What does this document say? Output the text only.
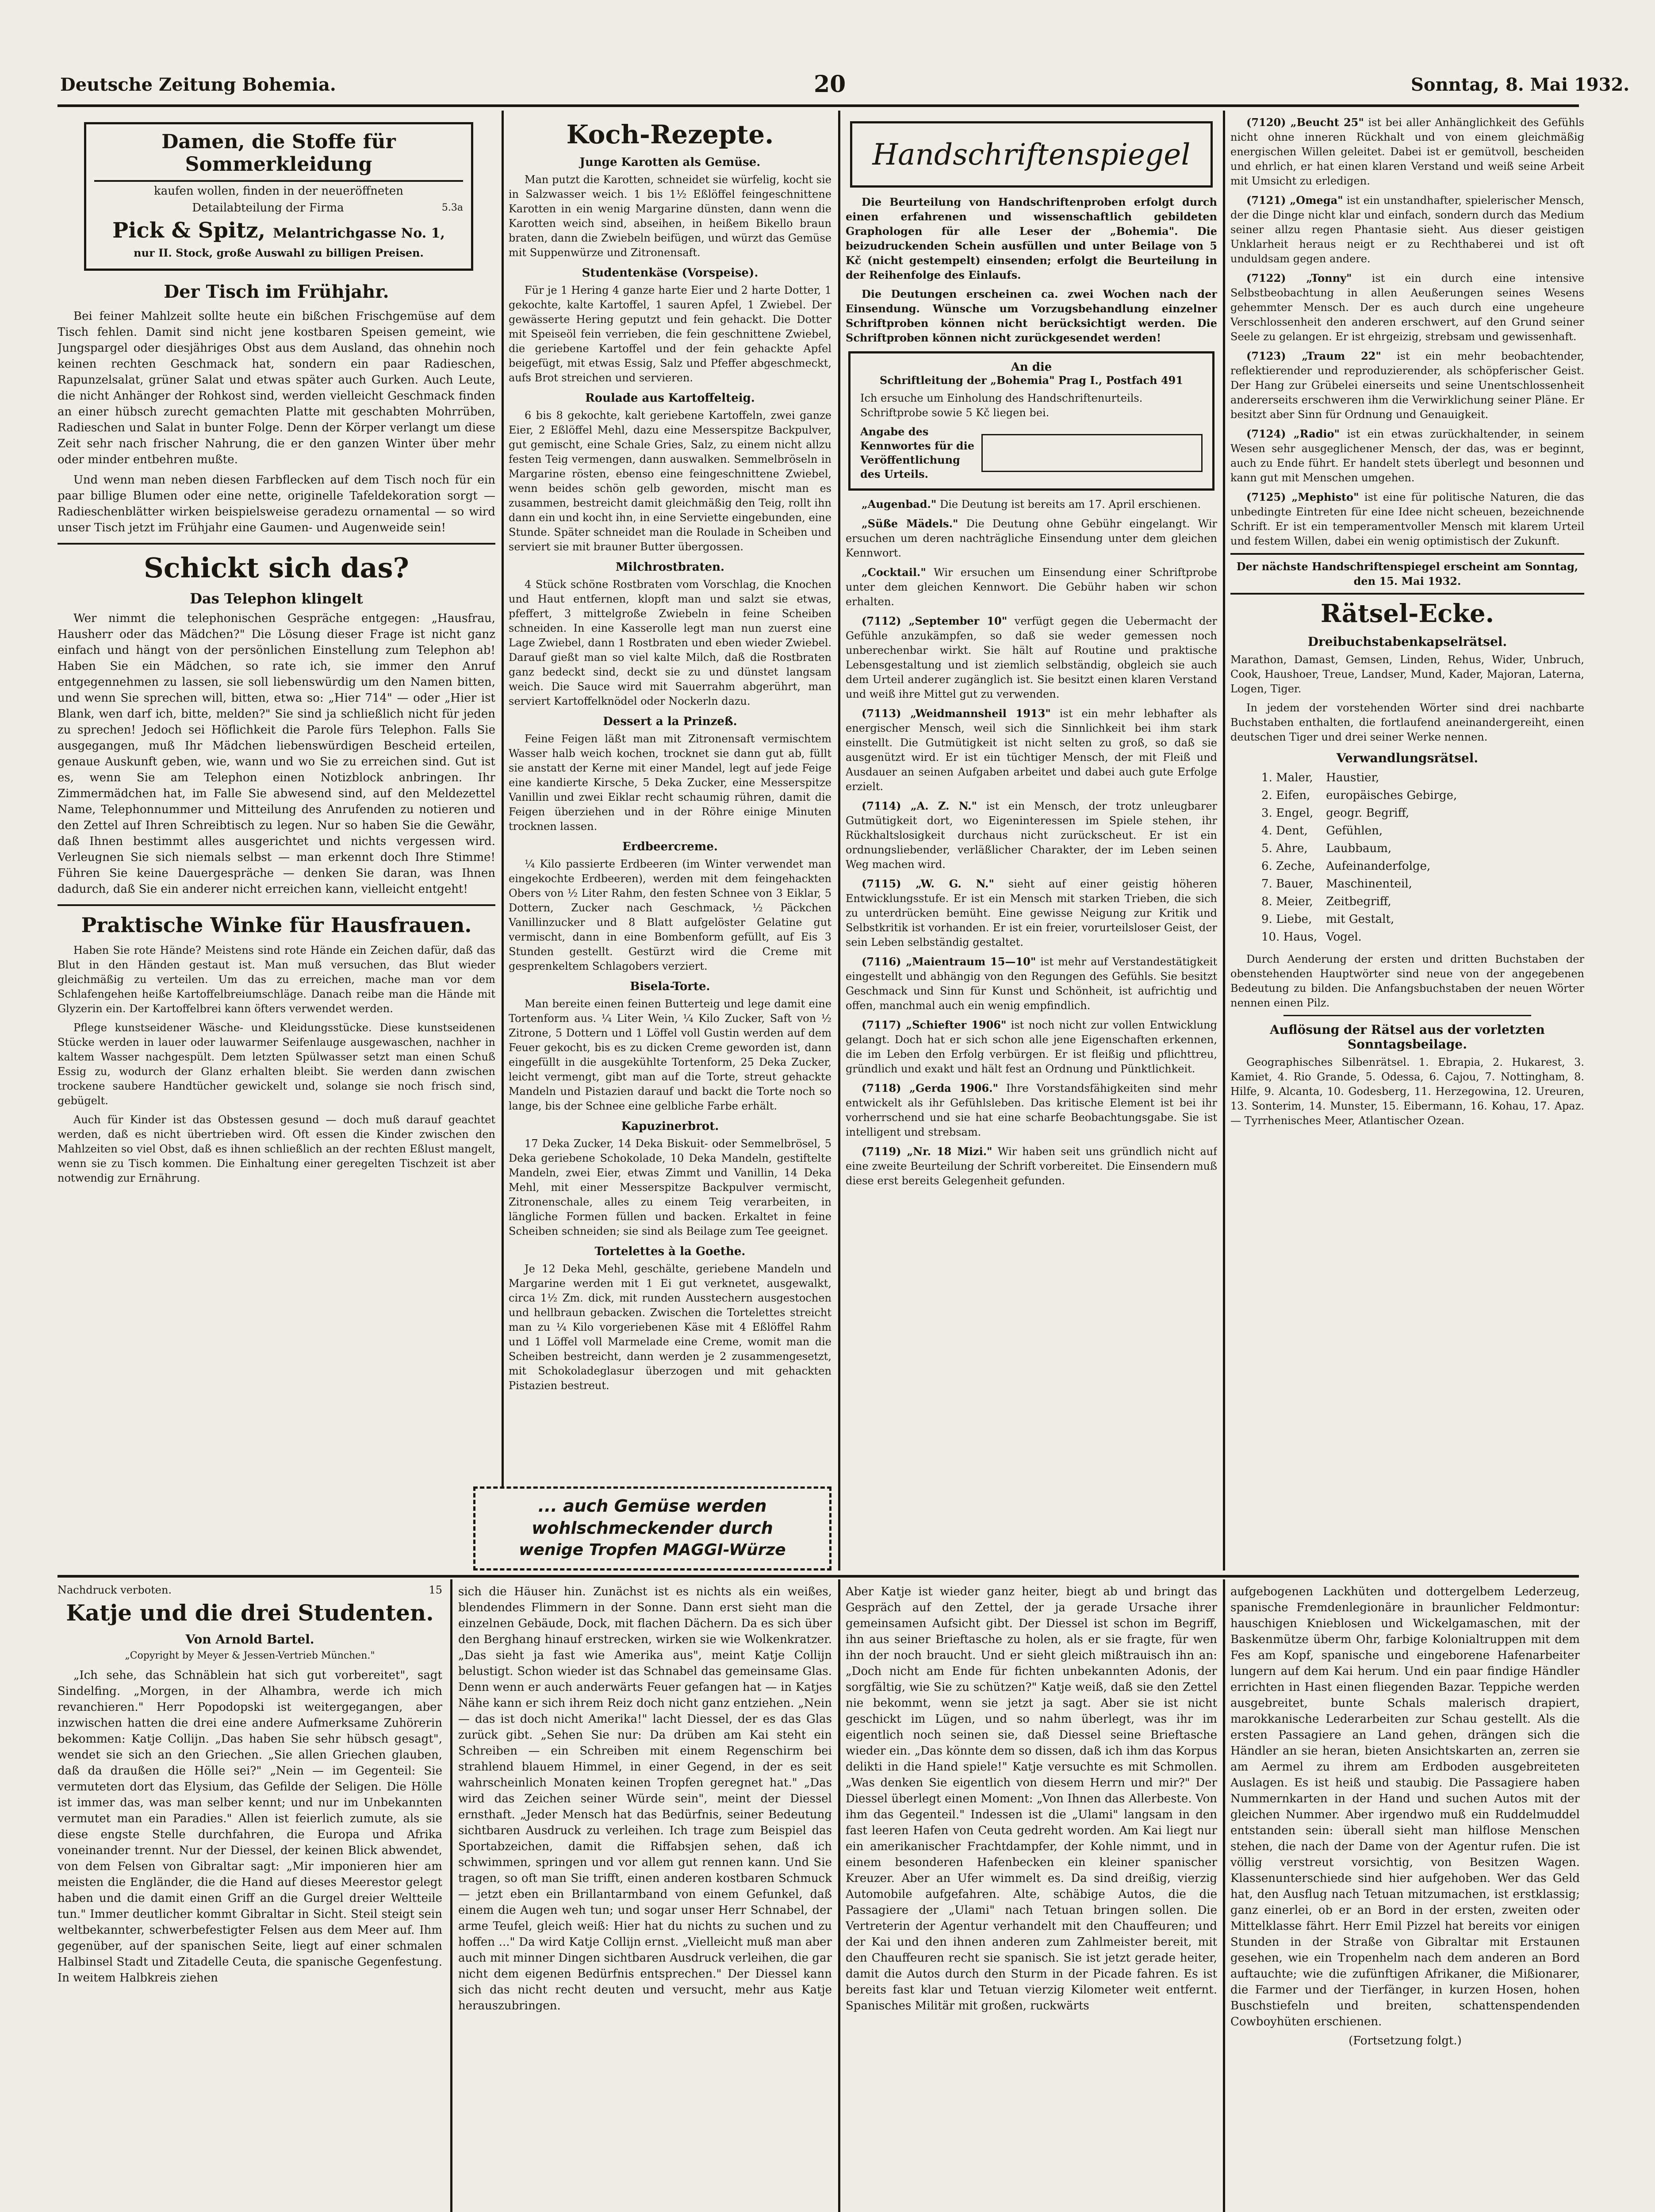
Deutsche Zeitung Bohemia.	20	Sonntag, 8. Mai 1932.
Damen, die Stoffe für Sommerkleidung
kaufen wollen, finden in der neueröffneten
Detailabteilung der Firma	5.3a
Pick & Spitz, Melantrichgasse No. 1,
nur II. Stock, große Auswahl zu billigen Preisen.
Der Tisch im Frühjahr.

Bei feiner Mahlzeit sollte heute ein bißchen Frischgemüse auf dem Tisch fehlen. Damit sind nicht jene kostbaren Speisen gemeint, wie Jungspargel oder diesjähriges Obst aus dem Ausland, das ohnehin noch keinen rechten Geschmack hat, sondern ein paar Radieschen, Rapunzelsalat, grüner Salat und etwas später auch Gurken. Auch Leute, die nicht Anhänger der Rohkost sind, werden vielleicht Geschmack finden an einer hübsch zurecht gemachten Platte mit geschabten Mohrrüben, Radieschen und Salat in bunter Folge. Denn der Körper verlangt um diese Zeit sehr nach frischer Nahrung, die er den ganzen Winter über mehr oder minder entbehren mußte.

Und wenn man neben diesen Farbflecken auf dem Tisch noch für ein paar billige Blumen oder eine nette, originelle Tafeldekoration sorgt — Radieschenblätter wirken beispielsweise geradezu ornamental — so wird unser Tisch jetzt im Frühjahr eine Gaumen- und Augenweide sein!

Schickt sich das?
Das Telephon klingelt

Wer nimmt die telephonischen Gespräche entgegen: „Hausfrau, Hausherr oder das Mädchen?" Die Lösung dieser Frage ist nicht ganz einfach und hängt von der persönlichen Einstellung zum Telephon ab! Haben Sie ein Mädchen, so rate ich, sie immer den Anruf entgegennehmen zu lassen, sie soll liebenswürdig um den Namen bitten, und wenn Sie sprechen will, bitten, etwa so: „Hier 714" — oder „Hier ist Blank, wen darf ich, bitte, melden?" Sie sind ja schließlich nicht für jeden zu sprechen! Jedoch sei Höflichkeit die Parole fürs Telephon. Falls Sie ausgegangen, muß Ihr Mädchen liebenswürdigen Bescheid erteilen, genaue Auskunft geben, wie, wann und wo Sie zu erreichen sind. Gut ist es, wenn Sie am Telephon einen Notizblock anbringen. Ihr Zimmermädchen hat, im Falle Sie abwesend sind, auf den Meldezettel Name, Telephonnummer und Mitteilung des Anrufenden zu notieren und den Zettel auf Ihren Schreibtisch zu legen. Nur so haben Sie die Gewähr, daß Ihnen bestimmt alles ausgerichtet und nichts vergessen wird. Verleugnen Sie sich niemals selbst — man erkennt doch Ihre Stimme! Führen Sie keine Dauergespräche — denken Sie daran, was Ihnen dadurch, daß Sie ein anderer nicht erreichen kann, vielleicht entgeht!

Praktische Winke für Hausfrauen.

Haben Sie rote Hände? Meistens sind rote Hände ein Zeichen dafür, daß das Blut in den Händen gestaut ist. Man muß versuchen, das Blut wieder gleichmäßig zu verteilen. Um das zu erreichen, mache man vor dem Schlafengehen heiße Kartoffelbreiumschläge. Danach reibe man die Hände mit Glyzerin ein. Der Kartoffelbrei kann öfters verwendet werden.

Pflege kunstseidener Wäsche- und Kleidungsstücke. Diese kunstseidenen Stücke werden in lauer oder lauwarmer Seifenlauge ausgewaschen, nachher in kaltem Wasser nachgespült. Dem letzten Spülwasser setzt man einen Schuß Essig zu, wodurch der Glanz erhalten bleibt. Sie werden dann zwischen trockene saubere Handtücher gewickelt und, solange sie noch frisch sind, gebügelt.

Auch für Kinder ist das Obstessen gesund — doch muß darauf geachtet werden, daß es nicht übertrieben wird. Oft essen die Kinder zwischen den Mahlzeiten so viel Obst, daß es ihnen schließlich an der rechten Eßlust mangelt, wenn sie zu Tisch kommen. Die Einhaltung einer geregelten Tischzeit ist aber notwendig zur Ernährung.

Koch-Rezepte.
Junge Karotten als Gemüse.

Man putzt die Karotten, schneidet sie würfelig, kocht sie in Salzwasser weich. 1 bis 1½ Eßlöffel feingeschnittene Karotten in ein wenig Margarine dünsten, dann wenn die Karotten weich sind, abseihen, in heißem Bikello braun braten, dann die Zwiebeln beifügen, und würzt das Gemüse mit Suppenwürze und Zitronensaft.

Studentenkäse (Vorspeise).

Für je 1 Hering 4 ganze harte Eier und 2 harte Dotter, 1 gekochte, kalte Kartoffel, 1 sauren Apfel, 1 Zwiebel. Der gewässerte Hering geputzt und fein gehackt. Die Dotter mit Speiseöl fein verrieben, die fein geschnittene Zwiebel, die geriebene Kartoffel und der fein gehackte Apfel beigefügt, mit etwas Essig, Salz und Pfeffer abgeschmeckt, aufs Brot streichen und servieren.

Roulade aus Kartoffelteig.

6 bis 8 gekochte, kalt geriebene Kartoffeln, zwei ganze Eier, 2 Eßlöffel Mehl, dazu eine Messerspitze Backpulver, gut gemischt, eine Schale Gries, Salz, zu einem nicht allzu festen Teig vermengen, dann auswalken. Semmelbröseln in Margarine rösten, ebenso eine feingeschnittene Zwiebel, wenn beides schön gelb geworden, mischt man es zusammen, bestreicht damit gleichmäßig den Teig, rollt ihn dann ein und kocht ihn, in eine Serviette eingebunden, eine Stunde. Später schneidet man die Roulade in Scheiben und serviert sie mit brauner Butter übergossen.

Milchrostbraten.

4 Stück schöne Rostbraten vom Vorschlag, die Knochen und Haut entfernen, klopft man und salzt sie etwas, pfeffert, 3 mittelgroße Zwiebeln in feine Scheiben schneiden. In eine Kasserolle legt man nun zuerst eine Lage Zwiebel, dann 1 Rostbraten und eben wieder Zwiebel. Darauf gießt man so viel kalte Milch, daß die Rostbraten ganz bedeckt sind, deckt sie zu und dünstet langsam weich. Die Sauce wird mit Sauerrahm abgerührt, man serviert Kartoffelknödel oder Nockerln dazu.

Dessert a la Prinzeß.

Feine Feigen läßt man mit Zitronensaft vermischtem Wasser halb weich kochen, trocknet sie dann gut ab, füllt sie anstatt der Kerne mit einer Mandel, legt auf jede Feige eine kandierte Kirsche, 5 Deka Zucker, eine Messerspitze Vanillin und zwei Eiklar recht schaumig rühren, damit die Feigen überziehen und in der Röhre einige Minuten trocknen lassen.

Erdbeercreme.

¼ Kilo passierte Erdbeeren (im Winter verwendet man eingekochte Erdbeeren), werden mit dem feingehackten Obers von ½ Liter Rahm, den festen Schnee von 3 Eiklar, 5 Dottern, Zucker nach Geschmack, ½ Päckchen Vanillinzucker und 8 Blatt aufgelöster Gelatine gut vermischt, dann in eine Bombenform gefüllt, auf Eis 3 Stunden gestellt. Gestürzt wird die Creme mit gesprenkeltem Schlagobers verziert.

Bisela-Torte.

Man bereite einen feinen Butterteig und lege damit eine Tortenform aus. ¼ Liter Wein, ¼ Kilo Zucker, Saft von ½ Zitrone, 5 Dottern und 1 Löffel voll Gustin werden auf dem Feuer gekocht, bis es zu dicken Creme geworden ist, dann eingefüllt in die ausgekühlte Tortenform, 25 Deka Zucker, leicht vermengt, gibt man auf die Torte, streut gehackte Mandeln und Pistazien darauf und backt die Torte noch so lange, bis der Schnee eine gelbliche Farbe erhält.

Kapuzinerbrot.

17 Deka Zucker, 14 Deka Biskuit- oder Semmelbrösel, 5 Deka geriebene Schokolade, 10 Deka Mandeln, gestiftelte Mandeln, zwei Eier, etwas Zimmt und Vanillin, 14 Deka Mehl, mit einer Messerspitze Backpulver vermischt, Zitronenschale, alles zu einem Teig verarbeiten, in längliche Formen füllen und backen. Erkaltet in feine Scheiben schneiden; sie sind als Beilage zum Tee geeignet.

Tortelettes à la Goethe.

Je 12 Deka Mehl, geschälte, geriebene Mandeln und Margarine werden mit 1 Ei gut verknetet, ausgewalkt, circa 1½ Zm. dick, mit runden Ausstechern ausgestochen und hellbraun gebacken. Zwischen die Tortelettes streicht man zu ¼ Kilo vorgeriebenen Käse mit 4 Eßlöffel Rahm und 1 Löffel voll Marmelade eine Creme, womit man die Scheiben bestreicht, dann werden je 2 zusammengesetzt, mit Schokoladeglasur überzogen und mit gehackten Pistazien bestreut.

... auch Gemüse werden
wohlschmeckender durch
wenige Tropfen MAGGI-Würze
Handschriftenspiegel

Die Beurteilung von Handschriftenproben erfolgt durch einen erfahrenen und wissenschaftlich gebildeten Graphologen für alle Leser der „Bohemia". Die beizudruckenden Schein ausfüllen und unter Beilage von 5 Kč (nicht gestempelt) einsenden; erfolgt die Beurteilung in der Reihenfolge des Einlaufs.

Die Deutungen erscheinen ca. zwei Wochen nach der Einsendung. Wünsche um Vorzugsbehandlung einzelner Schriftproben können nicht berücksichtigt werden. Die Schriftproben können nicht zurückgesendet werden!

An die
Schriftleitung der „Bohemia" Prag I., Postfach 491
Ich ersuche um Einholung des Handschriftenurteils. Schriftprobe sowie 5 Kč liegen bei.
Angabe des Kennwortes für die Veröffentlichung des Urteils.

„Augenbad." Die Deutung ist bereits am 17. April erschienen.

„Süße Mädels." Die Deutung ohne Gebühr eingelangt. Wir ersuchen um deren nachträgliche Einsendung unter dem gleichen Kennwort.

„Cocktail." Wir ersuchen um Einsendung einer Schriftprobe unter dem gleichen Kennwort. Die Gebühr haben wir schon erhalten.

(7112) „September 10" verfügt gegen die Uebermacht der Gefühle anzukämpfen, so daß sie weder gemessen noch unberechenbar wirkt. Sie hält auf Routine und praktische Lebensgestaltung und ist ziemlich selbständig, obgleich sie auch dem Urteil anderer zugänglich ist. Sie besitzt einen klaren Verstand und weiß ihre Mittel gut zu verwenden.

(7113) „Weidmannsheil 1913" ist ein mehr lebhafter als energischer Mensch, weil sich die Sinnlichkeit bei ihm stark einstellt. Die Gutmütigkeit ist nicht selten zu groß, so daß sie ausgenützt wird. Er ist ein tüchtiger Mensch, der mit Fleiß und Ausdauer an seinen Aufgaben arbeitet und dabei auch gute Erfolge erzielt.

(7114) „A. Z. N." ist ein Mensch, der trotz unleugbarer Gutmütigkeit dort, wo Eigeninteressen im Spiele stehen, ihr Rückhaltslosigkeit durchaus nicht zurückscheut. Er ist ein ordnungsliebender, verläßlicher Charakter, der im Leben seinen Weg machen wird.

(7115) „W. G. N." sieht auf einer geistig höheren Entwicklungsstufe. Er ist ein Mensch mit starken Trieben, die sich zu unterdrücken bemüht. Eine gewisse Neigung zur Kritik und Selbstkritik ist vorhanden. Er ist ein freier, vorurteilsloser Geist, der sein Leben selbständig gestaltet.

(7116) „Maientraum 15—10" ist mehr auf Verstandestätigkeit eingestellt und abhängig von den Regungen des Gefühls. Sie besitzt Geschmack und Sinn für Kunst und Schönheit, ist aufrichtig und offen, manchmal auch ein wenig empfindlich.

(7117) „Schiefter 1906" ist noch nicht zur vollen Entwicklung gelangt. Doch hat er sich schon alle jene Eigenschaften erkennen, die im Leben den Erfolg verbürgen. Er ist fleißig und pflichttreu, gründlich und exakt und hält fest an Ordnung und Pünktlichkeit.

(7118) „Gerda 1906." Ihre Vorstandsfähigkeiten sind mehr entwickelt als ihr Gefühlsleben. Das kritische Element ist bei ihr vorherrschend und sie hat eine scharfe Beobachtungsgabe. Sie ist intelligent und strebsam.

(7119) „Nr. 18 Mizi." Wir haben seit uns gründlich nicht auf eine zweite Beurteilung der Schrift vorbereitet. Die Einsendern muß diese erst bereits Gelegenheit gefunden.

(7120) „Beucht 25" ist bei aller Anhänglichkeit des Gefühls nicht ohne inneren Rückhalt und von einem gleichmäßig energischen Willen geleitet. Dabei ist er gemütvoll, bescheiden und ehrlich, er hat einen klaren Verstand und weiß seine Arbeit mit Umsicht zu erledigen.

(7121) „Omega" ist ein unstandhafter, spielerischer Mensch, der die Dinge nicht klar und einfach, sondern durch das Medium seiner allzu regen Phantasie sieht. Aus dieser geistigen Unklarheit heraus neigt er zu Rechthaberei und ist oft unduldsam gegen andere.

(7122) „Tonny" ist ein durch eine intensive Selbstbeobachtung in allen Aeußerungen seines Wesens gehemmter Mensch. Der es auch durch eine ungeheure Verschlossenheit den anderen erschwert, auf den Grund seiner Seele zu gelangen. Er ist ehrgeizig, strebsam und gewissenhaft.

(7123) „Traum 22" ist ein mehr beobachtender, reflektierender und reproduzierender, als schöpferischer Geist. Der Hang zur Grübelei einerseits und seine Unentschlossenheit andererseits erschweren ihm die Verwirklichung seiner Pläne. Er besitzt aber Sinn für Ordnung und Genauigkeit.

(7124) „Radio" ist ein etwas zurückhaltender, in seinem Wesen sehr ausgeglichener Mensch, der das, was er beginnt, auch zu Ende führt. Er handelt stets überlegt und besonnen und kann gut mit Menschen umgehen.

(7125) „Mephisto" ist eine für politische Naturen, die das unbedingte Eintreten für eine Idee nicht scheuen, bezeichnende Schrift. Er ist ein temperamentvoller Mensch mit klarem Urteil und festem Willen, dabei ein wenig optimistisch der Zukunft.

Der nächste Handschriftenspiegel erscheint am Sonntag, den 15. Mai 1932.

Rätsel-Ecke.
Dreibuchstabenkapselrätsel.

Marathon, Damast, Gemsen, Linden, Rehus, Wider, Unbruch, Cook, Haushoer, Treue, Landser, Mund, Kader, Majoran, Laterna, Logen, Tiger.

In jedem der vorstehenden Wörter sind drei nachbarte Buchstaben enthalten, die fortlaufend aneinandergereiht, einen deutschen Tiger und drei seiner Werke nennen.

Verwandlungsrätsel.
1. Maler,	Haustier,
2. Eifen,	europäisches Gebirge,
3. Engel,	geogr. Begriff,
4. Dent,	Gefühlen,
5. Ahre,	Laubbaum,
6. Zeche,	Aufeinanderfolge,
7. Bauer,	Maschinenteil,
8. Meier,	Zeitbegriff,
9. Liebe,	mit Gestalt,
10. Haus,	Vogel.

Durch Aenderung der ersten und dritten Buchstaben der obenstehenden Hauptwörter sind neue von der angegebenen Bedeutung zu bilden. Die Anfangsbuchstaben der neuen Wörter nennen einen Pilz.

Auflösung der Rätsel aus der vorletzten Sonntagsbeilage.

Geographisches Silbenrätsel. 1. Ebrapia, 2. Hukarest, 3. Kamiet, 4. Rio Grande, 5. Odessa, 6. Cajou, 7. Nottingham, 8. Hilfe, 9. Alcanta, 10. Godesberg, 11. Herzegowina, 12. Ureuren, 13. Sonterim, 14. Munster, 15. Eibermann, 16. Kohau, 17. Apaz. — Tyrrhenisches Meer, Atlantischer Ozean.

Nachdruck verboten.	15
Katje und die drei Studenten.
Von Arnold Bartel.
„Copyright by Meyer & Jessen-Vertrieb München."

„Ich sehe, das Schnäblein hat sich gut vorbereitet", sagt Sindelfing. „Morgen, in der Alhambra, werde ich mich revanchieren." Herr Popodopski ist weitergegangen, aber inzwischen hatten die drei eine andere Aufmerksame Zuhörerin bekommen: Katje Collijn. „Das haben Sie sehr hübsch gesagt", wendet sie sich an den Griechen. „Sie allen Griechen glauben, daß da draußen die Hölle sei?" „Nein — im Gegenteil: Sie vermuteten dort das Elysium, das Gefilde der Seligen. Die Hölle ist immer das, was man selber kennt; und nur im Unbekannten vermutet man ein Paradies." Allen ist feierlich zumute, als sie diese engste Stelle durchfahren, die Europa und Afrika voneinander trennt. Nur der Diessel, der keinen Blick abwendet, von dem Felsen von Gibraltar sagt: „Mir imponieren hier am meisten die Engländer, die die Hand auf dieses Meerestor gelegt haben und die damit einen Griff an die Gurgel dreier Weltteile tun." Immer deutlicher kommt Gibraltar in Sicht. Steil steigt sein weltbekannter, schwerbefestigter Felsen aus dem Meer auf. Ihm gegenüber, auf der spanischen Seite, liegt auf einer schmalen Halbinsel Stadt und Zitadelle Ceuta, die spanische Gegenfestung. In weitem Halbkreis ziehen

sich die Häuser hin. Zunächst ist es nichts als ein weißes, blendendes Flimmern in der Sonne. Dann erst sieht man die einzelnen Gebäude, Dock, mit flachen Dächern. Da es sich über den Berghang hinauf erstrecken, wirken sie wie Wolkenkratzer. „Das sieht ja fast wie Amerika aus", meint Katje Collijn belustigt. Schon wieder ist das Schnabel das gemeinsame Glas. Denn wenn er auch anderwärts Feuer gefangen hat — in Katjes Nähe kann er sich ihrem Reiz doch nicht ganz entziehen. „Nein — das ist doch nicht Amerika!" lacht Diessel, der es das Glas zurück gibt. „Sehen Sie nur: Da drüben am Kai steht ein Schreiben — ein Schreiben mit einem Regenschirm bei strahlend blauem Himmel, in einer Gegend, in der es seit wahrscheinlich Monaten keinen Tropfen geregnet hat." „Das wird das Zeichen seiner Würde sein", meint der Diessel ernsthaft. „Jeder Mensch hat das Bedürfnis, seiner Bedeutung sichtbaren Ausdruck zu verleihen. Ich trage zum Beispiel das Sportabzeichen, damit die Riffabsjen sehen, daß ich schwimmen, springen und vor allem gut rennen kann. Und Sie tragen, so oft man Sie trifft, einen anderen kostbaren Schmuck — jetzt eben ein Brillantarmband von einem Gefunkel, daß einem die Augen weh tun; und sogar unser Herr Schnabel, der arme Teufel, gleich weiß: Hier hat du nichts zu suchen und zu hoffen ..." Da wird Katje Collijn ernst. „Vielleicht muß man aber auch mit minner Dingen sichtbaren Ausdruck verleihen, die gar nicht dem eigenen Bedürfnis entsprechen." Der Diessel kann sich das nicht recht deuten und versucht, mehr aus Katje herauszubringen.

Aber Katje ist wieder ganz heiter, biegt ab und bringt das Gespräch auf den Zettel, der ja gerade Ursache ihrer gemeinsamen Aufsicht gibt. Der Diessel ist schon im Begriff, ihn aus seiner Brieftasche zu holen, als er sie fragte, für wen ihn der noch braucht. Und er sieht gleich mißtrauisch ihn an: „Doch nicht am Ende für fichten unbekannten Adonis, der sorgfältig, wie Sie zu schützen?" Katje weiß, daß sie den Zettel nie bekommt, wenn sie jetzt ja sagt. Aber sie ist nicht geschickt im Lügen, und so nahm überlegt, was ihr im eigentlich noch seinen sie, daß Diessel seine Brieftasche wieder ein. „Das könnte dem so dissen, daß ich ihm das Korpus delikti in die Hand spiele!" Katje versuchte es mit Schmollen. „Was denken Sie eigentlich von diesem Herrn und mir?" Der Diessel überlegt einen Moment: „Von Ihnen das Allerbeste. Von ihm das Gegenteil." Indessen ist die „Ulami" langsam in den fast leeren Hafen von Ceuta gedreht worden. Am Kai liegt nur ein amerikanischer Frachtdampfer, der Kohle nimmt, und in einem besonderen Hafenbecken ein kleiner spanischer Kreuzer. Aber an Ufer wimmelt es. Da sind dreißig, vierzig Automobile aufgefahren. Alte, schäbige Autos, die die Passagiere der „Ulami" nach Tetuan bringen sollen. Die Vertreterin der Agentur verhandelt mit den Chauffeuren; und der Kai und den ihnen anderen zum Zahlmeister bereit, mit den Chauffeuren recht sie spanisch. Sie ist jetzt gerade heiter, damit die Autos durch den Sturm in der Picade fahren. Es ist bereits fast klar und Tetuan vierzig Kilometer weit entfernt. Spanisches Militär mit großen, ruckwärts

aufgebogenen Lackhüten und dottergelbem Lederzeug, spanische Fremdenlegionäre in braunlicher Feldmontur: hauschigen Knieblosen und Wickelgamaschen, mit der Baskenmütze überm Ohr, farbige Kolonialtruppen mit dem Fes am Kopf, spanische und eingeborene Hafenarbeiter lungern auf dem Kai herum. Und ein paar findige Händler errichten in Hast einen fliegenden Bazar. Teppiche werden ausgebreitet, bunte Schals malerisch drapiert, marokkanische Lederarbeiten zur Schau gestellt. Als die ersten Passagiere an Land gehen, drängen sich die Händler an sie heran, bieten Ansichtskarten an, zerren sie am Aermel zu ihrem am Erdboden ausgebreiteten Auslagen. Es ist heiß und staubig. Die Passagiere haben Nummernkarten in der Hand und suchen Autos mit der gleichen Nummer. Aber irgendwo muß ein Ruddelmuddel entstanden sein: überall sieht man hilflose Menschen stehen, die nach der Dame von der Agentur rufen. Die ist völlig verstreut vorsichtig, von Besitzen Wagen. Klassenunterschiede sind hier aufgehoben. Wer das Geld hat, den Ausflug nach Tetuan mitzumachen, ist erstklassig; ganz einerlei, ob er an Bord in der ersten, zweiten oder Mittelklasse fährt. Herr Emil Pizzel hat bereits vor einigen Stunden in der Straße von Gibraltar mit Erstaunen gesehen, wie ein Tropenhelm nach dem anderen an Bord auftauchte; wie die zufünftigen Afrikaner, die Mißionarer, die Farmer und der Tierfänger, in kurzen Hosen, hohen Buschstiefeln und breiten, schattenspendenden Cowboyhüten erschienen.

(Fortsetzung folgt.)
